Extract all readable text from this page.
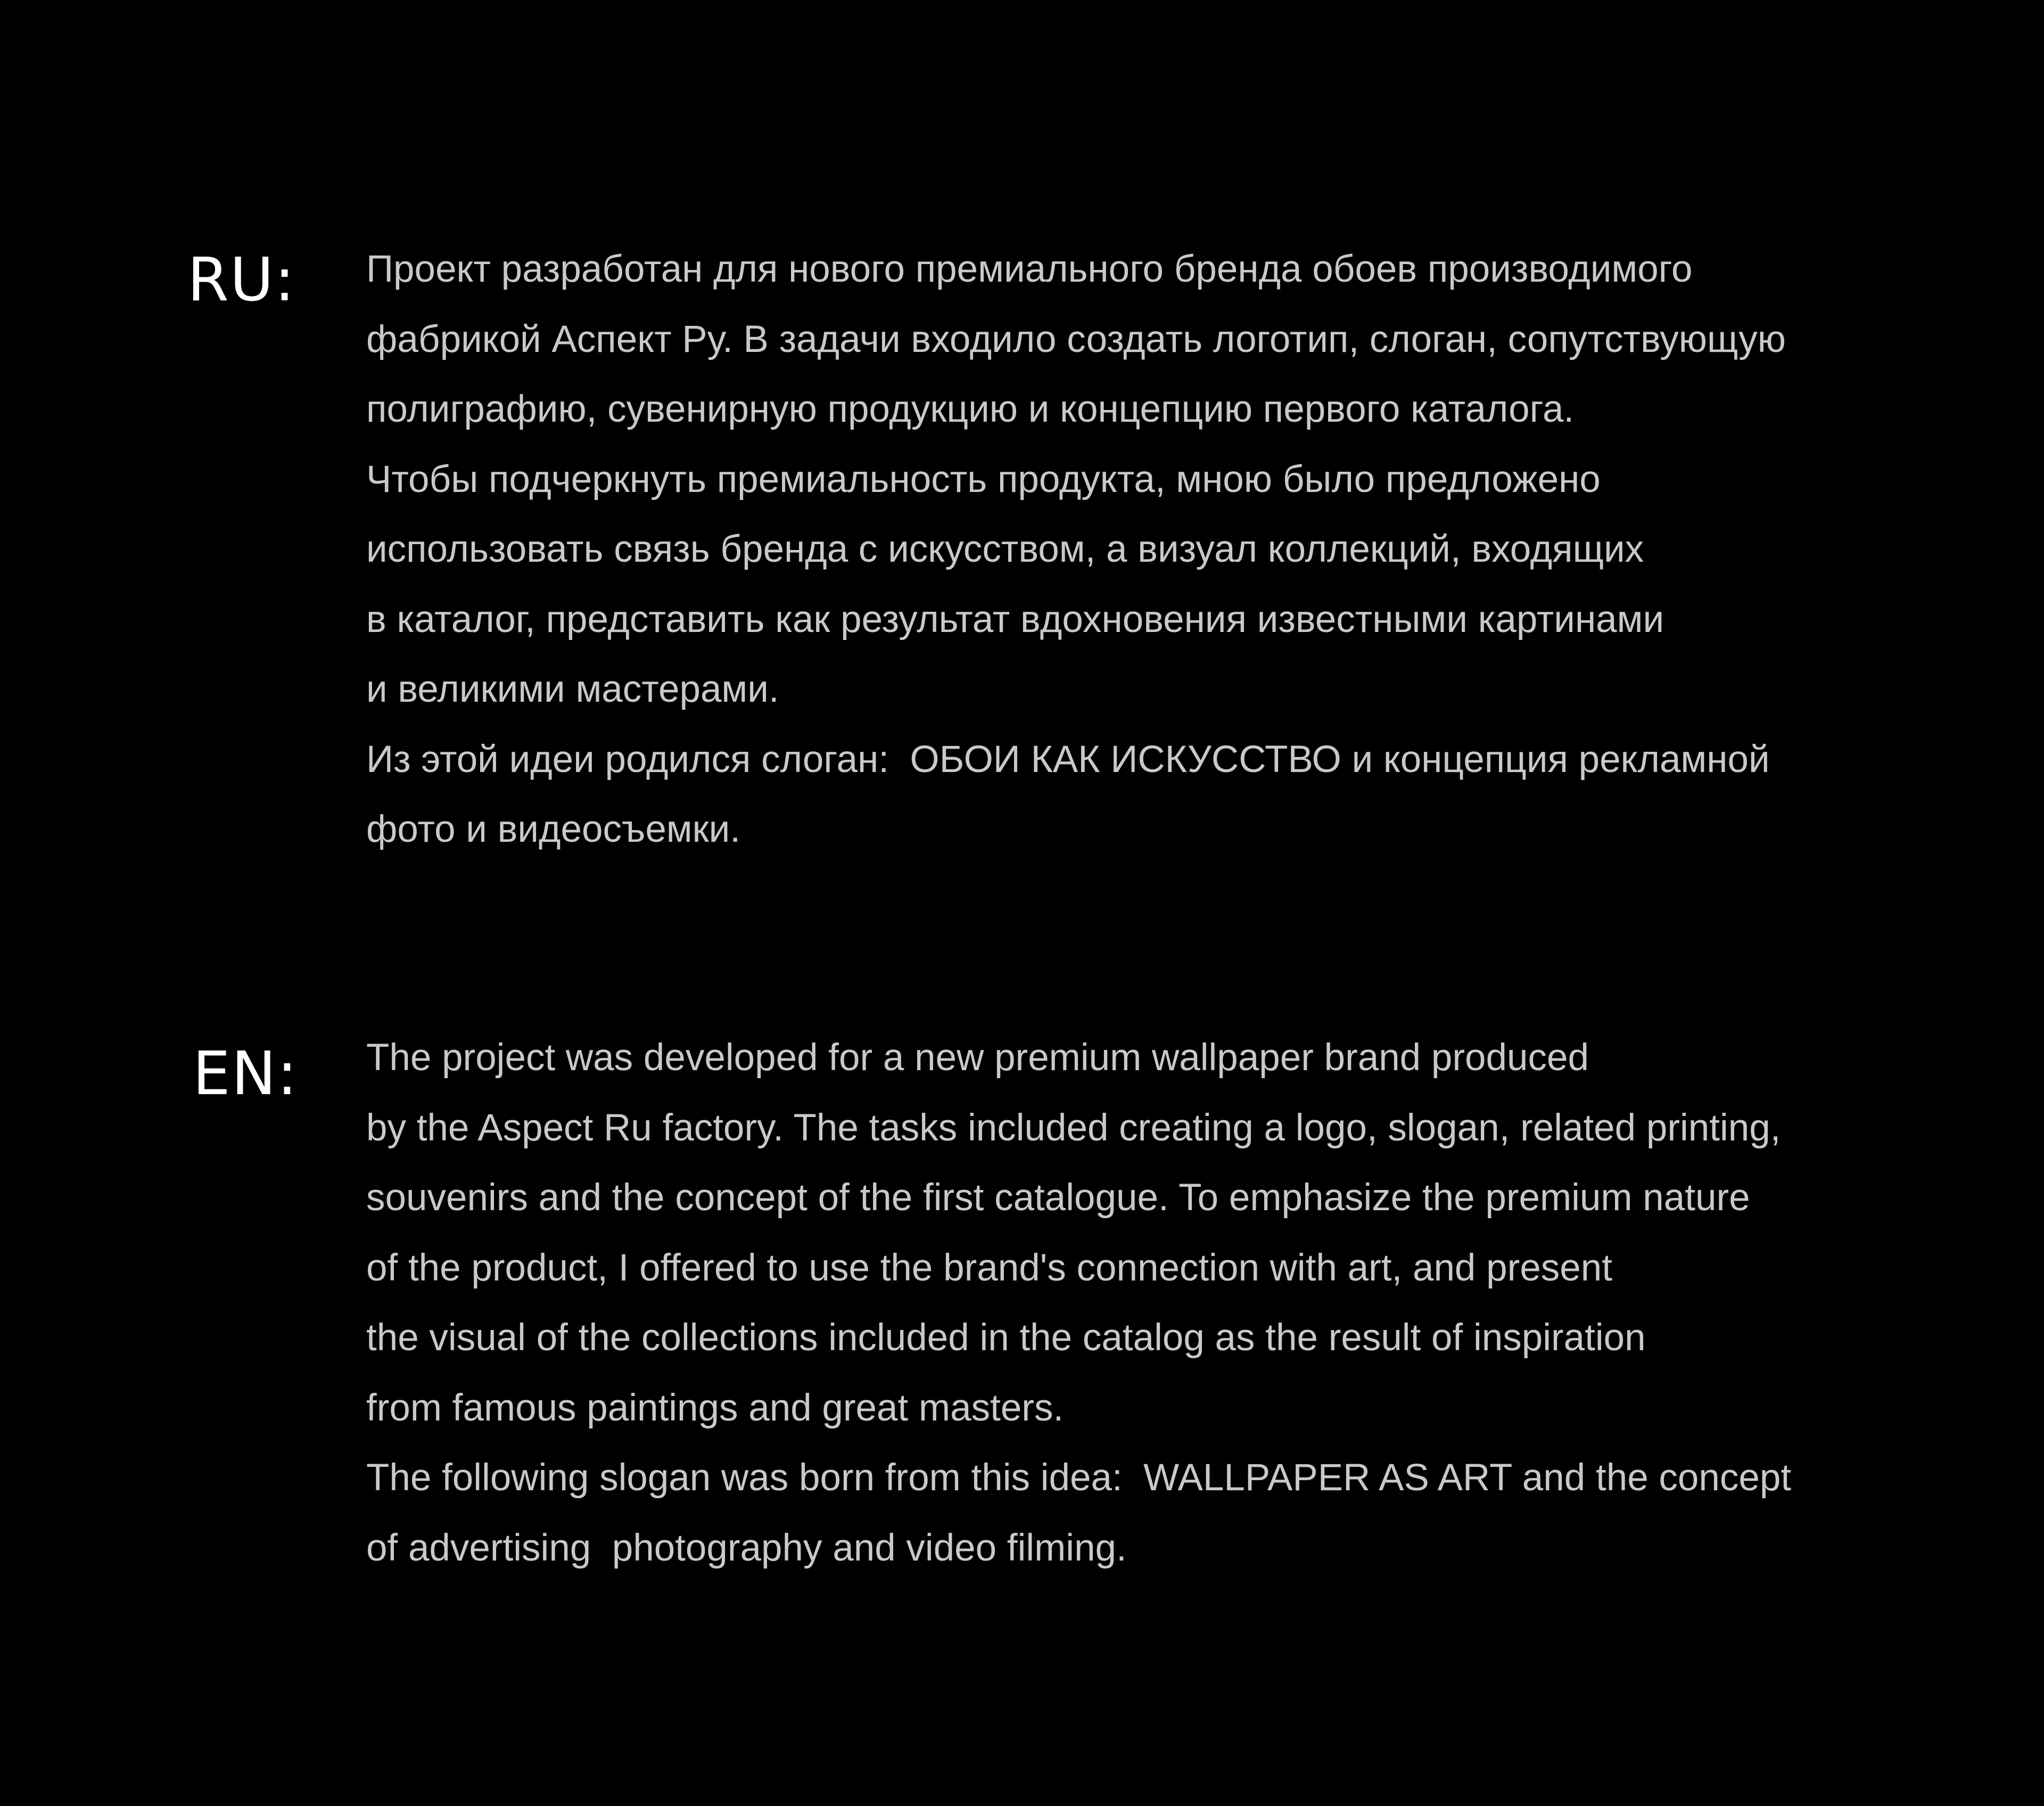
RU: Проект разработан для нового премиального бренда обоев производимого
фабрикой Аспект Ру. В задачи входило создать логотип, слоган, сопутствующую
полиграфию, сувенирную продукцию и концепцию первого каталога.
Чтобы подчеркнуть премиальность продукта, мною было предложено
использовать связь бренда с искусством, а визуал коллекций, входящих
в каталог, представить как результат вдохновения известными картинами
и великими мастерами.
Из этой идеи родился слоган:  ОБОИ КАК ИСКУССТВО и концепция рекламной
фото и видеосъемки.

EN: The project was developed for a new premium wallpaper brand produced
by the Aspect Ru factory. The tasks included creating a logo, slogan, related printing,
souvenirs and the concept of the first catalogue. To emphasize the premium nature
of the product, I offered to use the brand's connection with art, and present
the visual of the collections included in the catalog as the result of inspiration
from famous paintings and great masters.
The following slogan was born from this idea:  WALLPAPER AS ART and the concept
of advertising  photography and video filming.
